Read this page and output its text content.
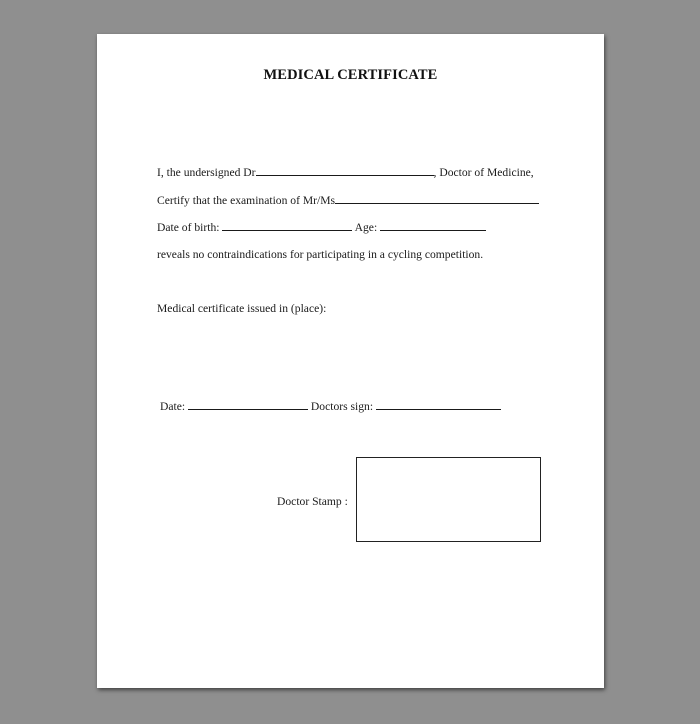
MEDICAL CERTIFICATE
I, the undersigned Dr	, Doctor of Medicine,
Certify that the examination of Mr/Ms
Date of birth:	Age:
reveals no contraindications for participating in a cycling competition.
Medical certificate issued in (place):
Date:	Doctors sign:
Doctor Stamp :
